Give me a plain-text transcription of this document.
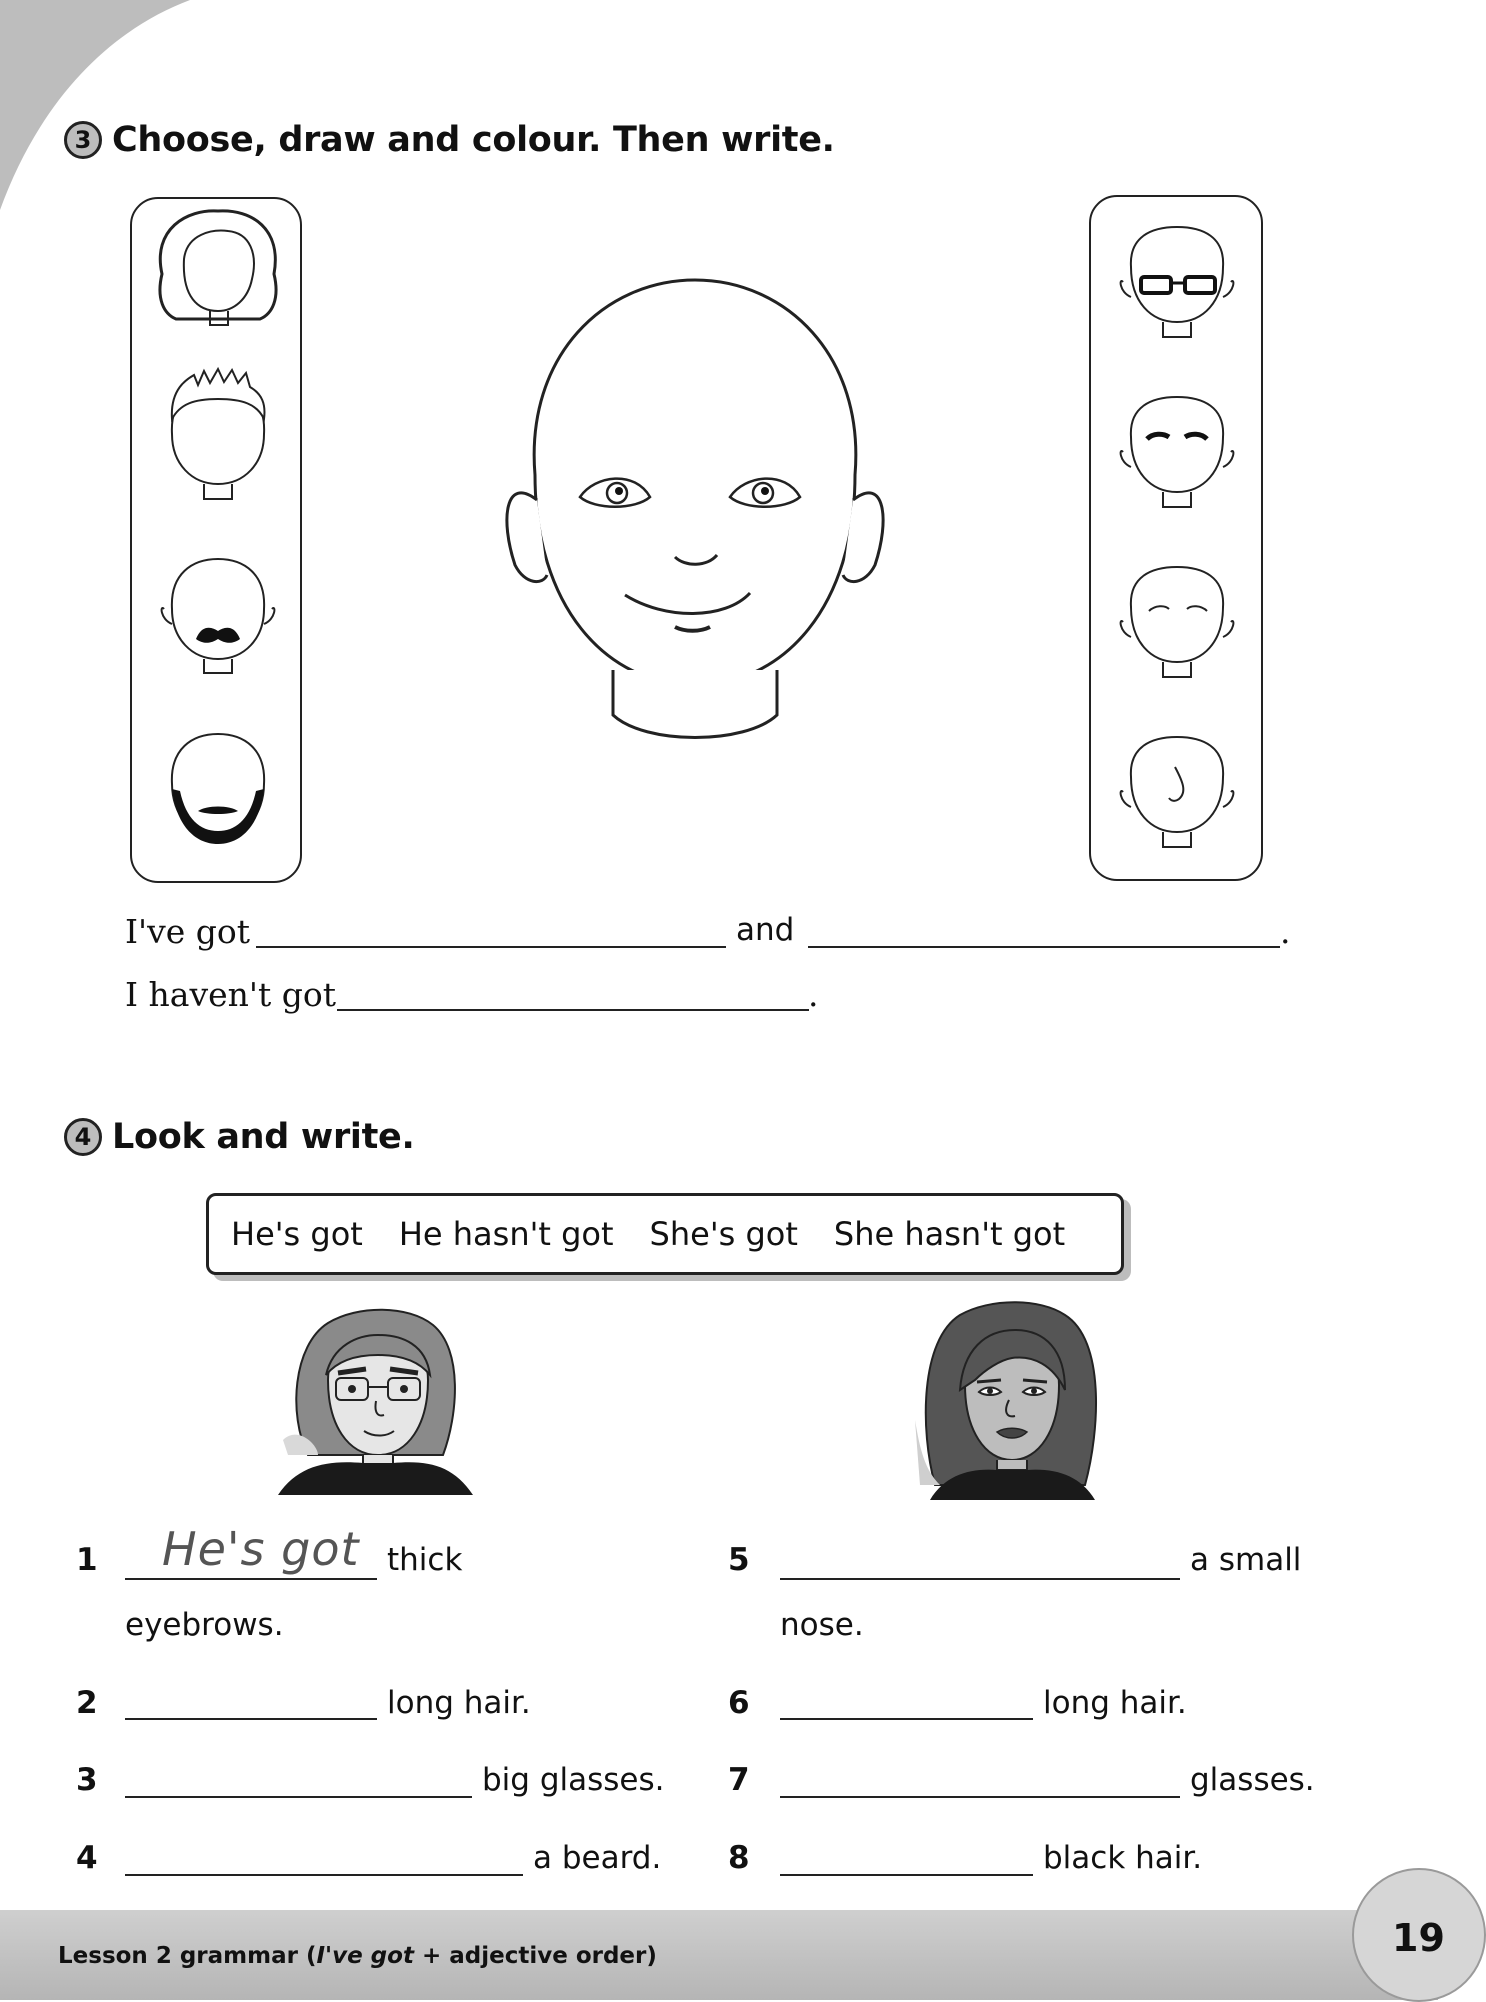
3 Choose, draw and colour. Then write.
I've got	and	.
I haven't got	.
4 Look and write.
He's got He hasn't got She's got She hasn't got
1 He's got thick
eyebrows.
2	long hair.
3	big glasses.
4	a beard.
5	a small
nose.
6	long hair.
7	glasses.
8	black hair.
Lesson 2 grammar (I've got + adjective order)	19
